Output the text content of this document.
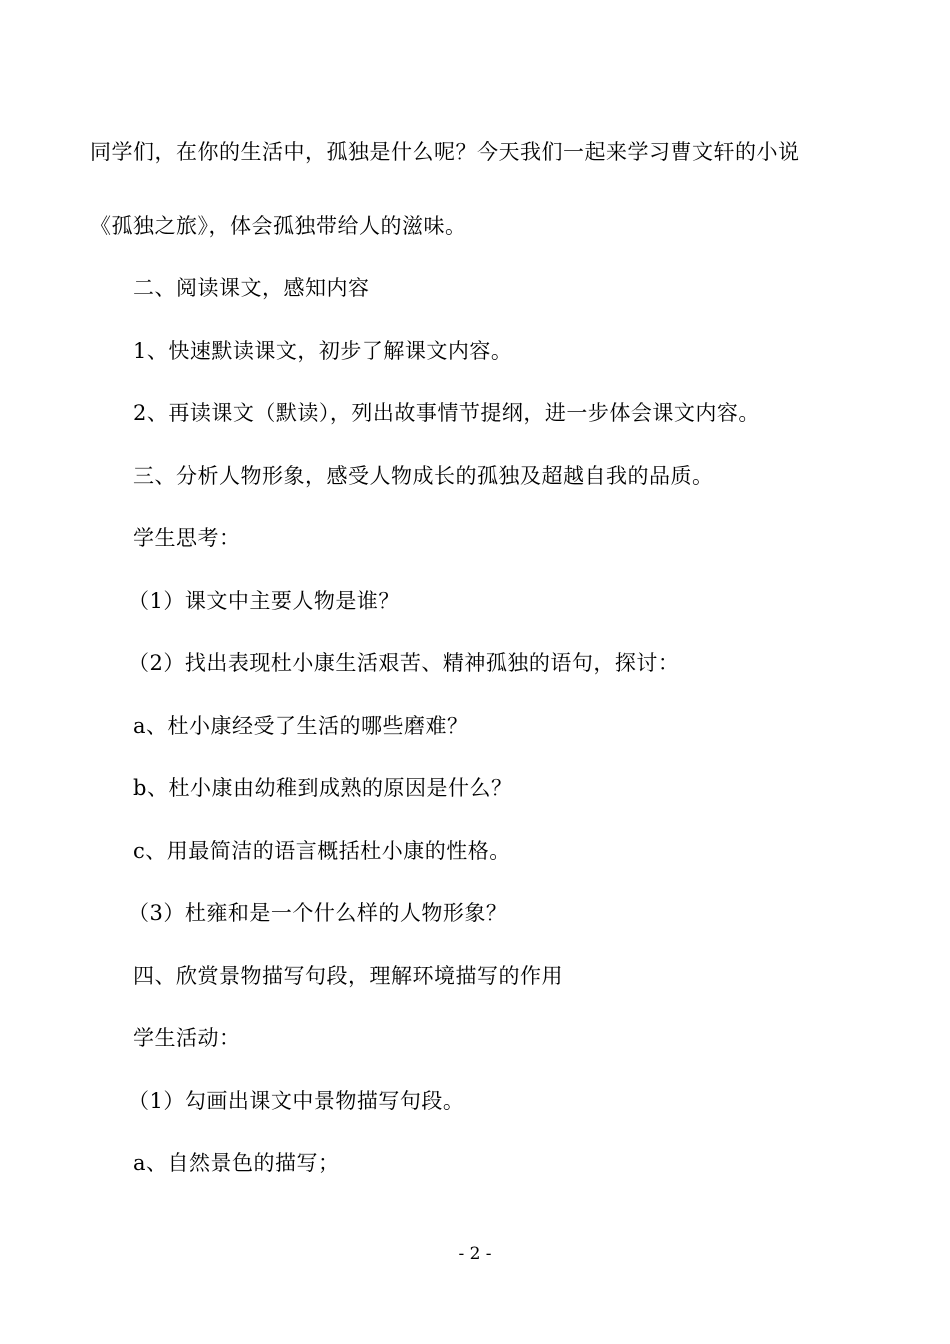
同学们，在你的生活中，孤独是什么呢？今天我们一起来学习曹文轩的小说
《孤独之旅》，体会孤独带给人的滋味。
二、阅读课文，感知内容
1、快速默读课文，初步了解课文内容。
2、再读课文（默读），列出故事情节提纲，进一步体会课文内容。
三、分析人物形象，感受人物成长的孤独及超越自我的品质。
学生思考：
（1）课文中主要人物是谁？
（2）找出表现杜小康生活艰苦、精神孤独的语句，探讨：
a、杜小康经受了生活的哪些磨难？
b、杜小康由幼稚到成熟的原因是什么？
c、用最简洁的语言概括杜小康的性格。
（3）杜雍和是一个什么样的人物形象？
四、欣赏景物描写句段，理解环境描写的作用
学生活动：
（1）勾画出课文中景物描写句段。
a、自然景色的描写；
- 2 -
